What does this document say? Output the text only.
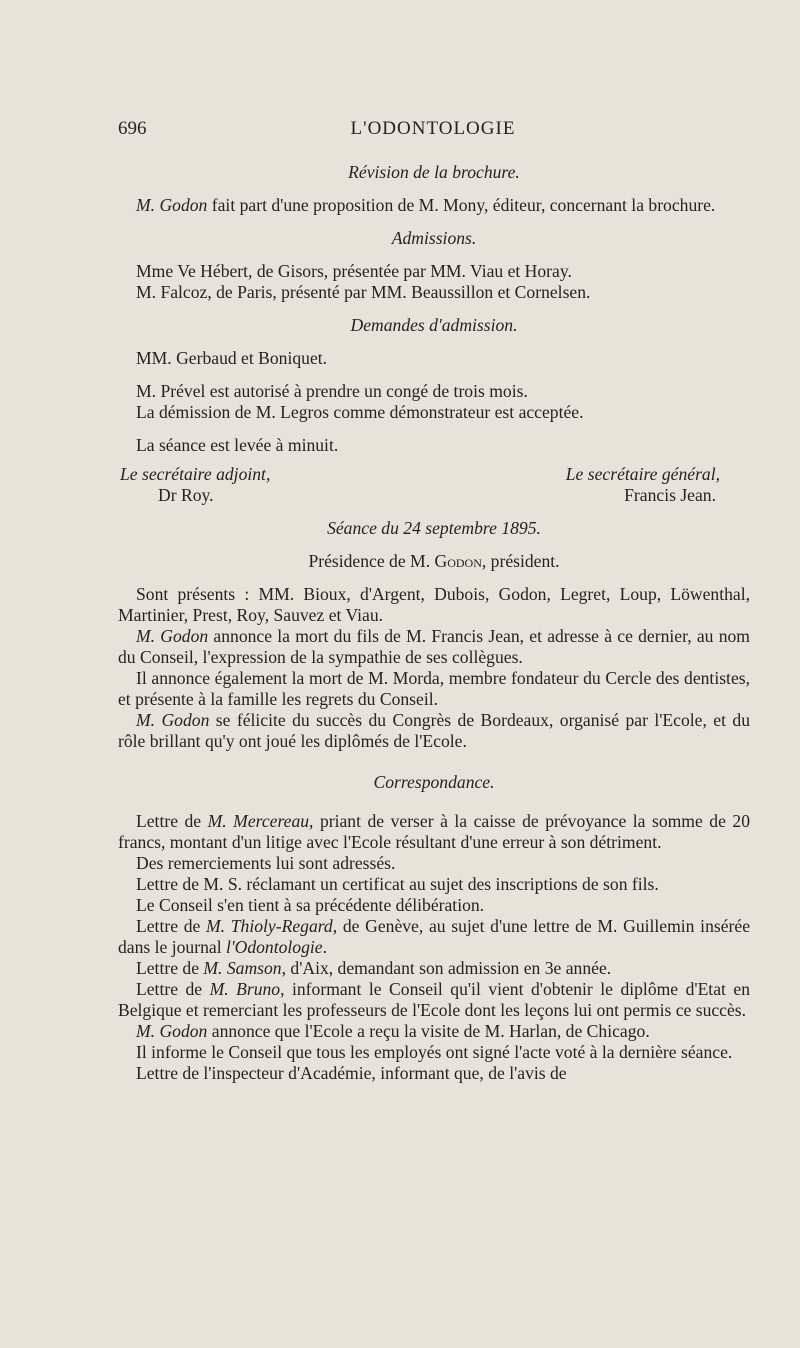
696	L'ODONTOLOGIE

Révision de la brochure.

M. Godon fait part d'une proposition de M. Mony, éditeur, concernant la brochure.

Admissions.

Mme Ve Hébert, de Gisors, présentée par MM. Viau et Horay.

M. Falcoz, de Paris, présenté par MM. Beaussillon et Cornelsen.

Demandes d'admission.

MM. Gerbaud et Boniquet.

M. Prével est autorisé à prendre un congé de trois mois.

La démission de M. Legros comme démonstrateur est acceptée.

La séance est levée à minuit.

Le secrétaire adjoint,
Dr Roy.
Le secrétaire général,
Francis Jean.

Séance du 24 septembre 1895.

Présidence de M. Godon, président.

Sont présents : MM. Bioux, d'Argent, Dubois, Godon, Legret, Loup, Löwenthal, Martinier, Prest, Roy, Sauvez et Viau.

M. Godon annonce la mort du fils de M. Francis Jean, et adresse à ce dernier, au nom du Conseil, l'expression de la sympathie de ses collègues.

Il annonce également la mort de M. Morda, membre fondateur du Cercle des dentistes, et présente à la famille les regrets du Conseil.

M. Godon se félicite du succès du Congrès de Bordeaux, organisé par l'Ecole, et du rôle brillant qu'y ont joué les diplômés de l'Ecole.

Correspondance.

Lettre de M. Mercereau, priant de verser à la caisse de prévoyance la somme de 20 francs, montant d'un litige avec l'Ecole résultant d'une erreur à son détriment.

Des remerciements lui sont adressés.

Lettre de M. S. réclamant un certificat au sujet des inscriptions de son fils.

Le Conseil s'en tient à sa précédente délibération.

Lettre de M. Thioly-Regard, de Genève, au sujet d'une lettre de M. Guillemin insérée dans le journal l'Odontologie.

Lettre de M. Samson, d'Aix, demandant son admission en 3e année.

Lettre de M. Bruno, informant le Conseil qu'il vient d'obtenir le diplôme d'Etat en Belgique et remerciant les professeurs de l'Ecole dont les leçons lui ont permis ce succès.

M. Godon annonce que l'Ecole a reçu la visite de M. Harlan, de Chicago.

Il informe le Conseil que tous les employés ont signé l'acte voté à la dernière séance.

Lettre de l'inspecteur d'Académie, informant que, de l'avis de
